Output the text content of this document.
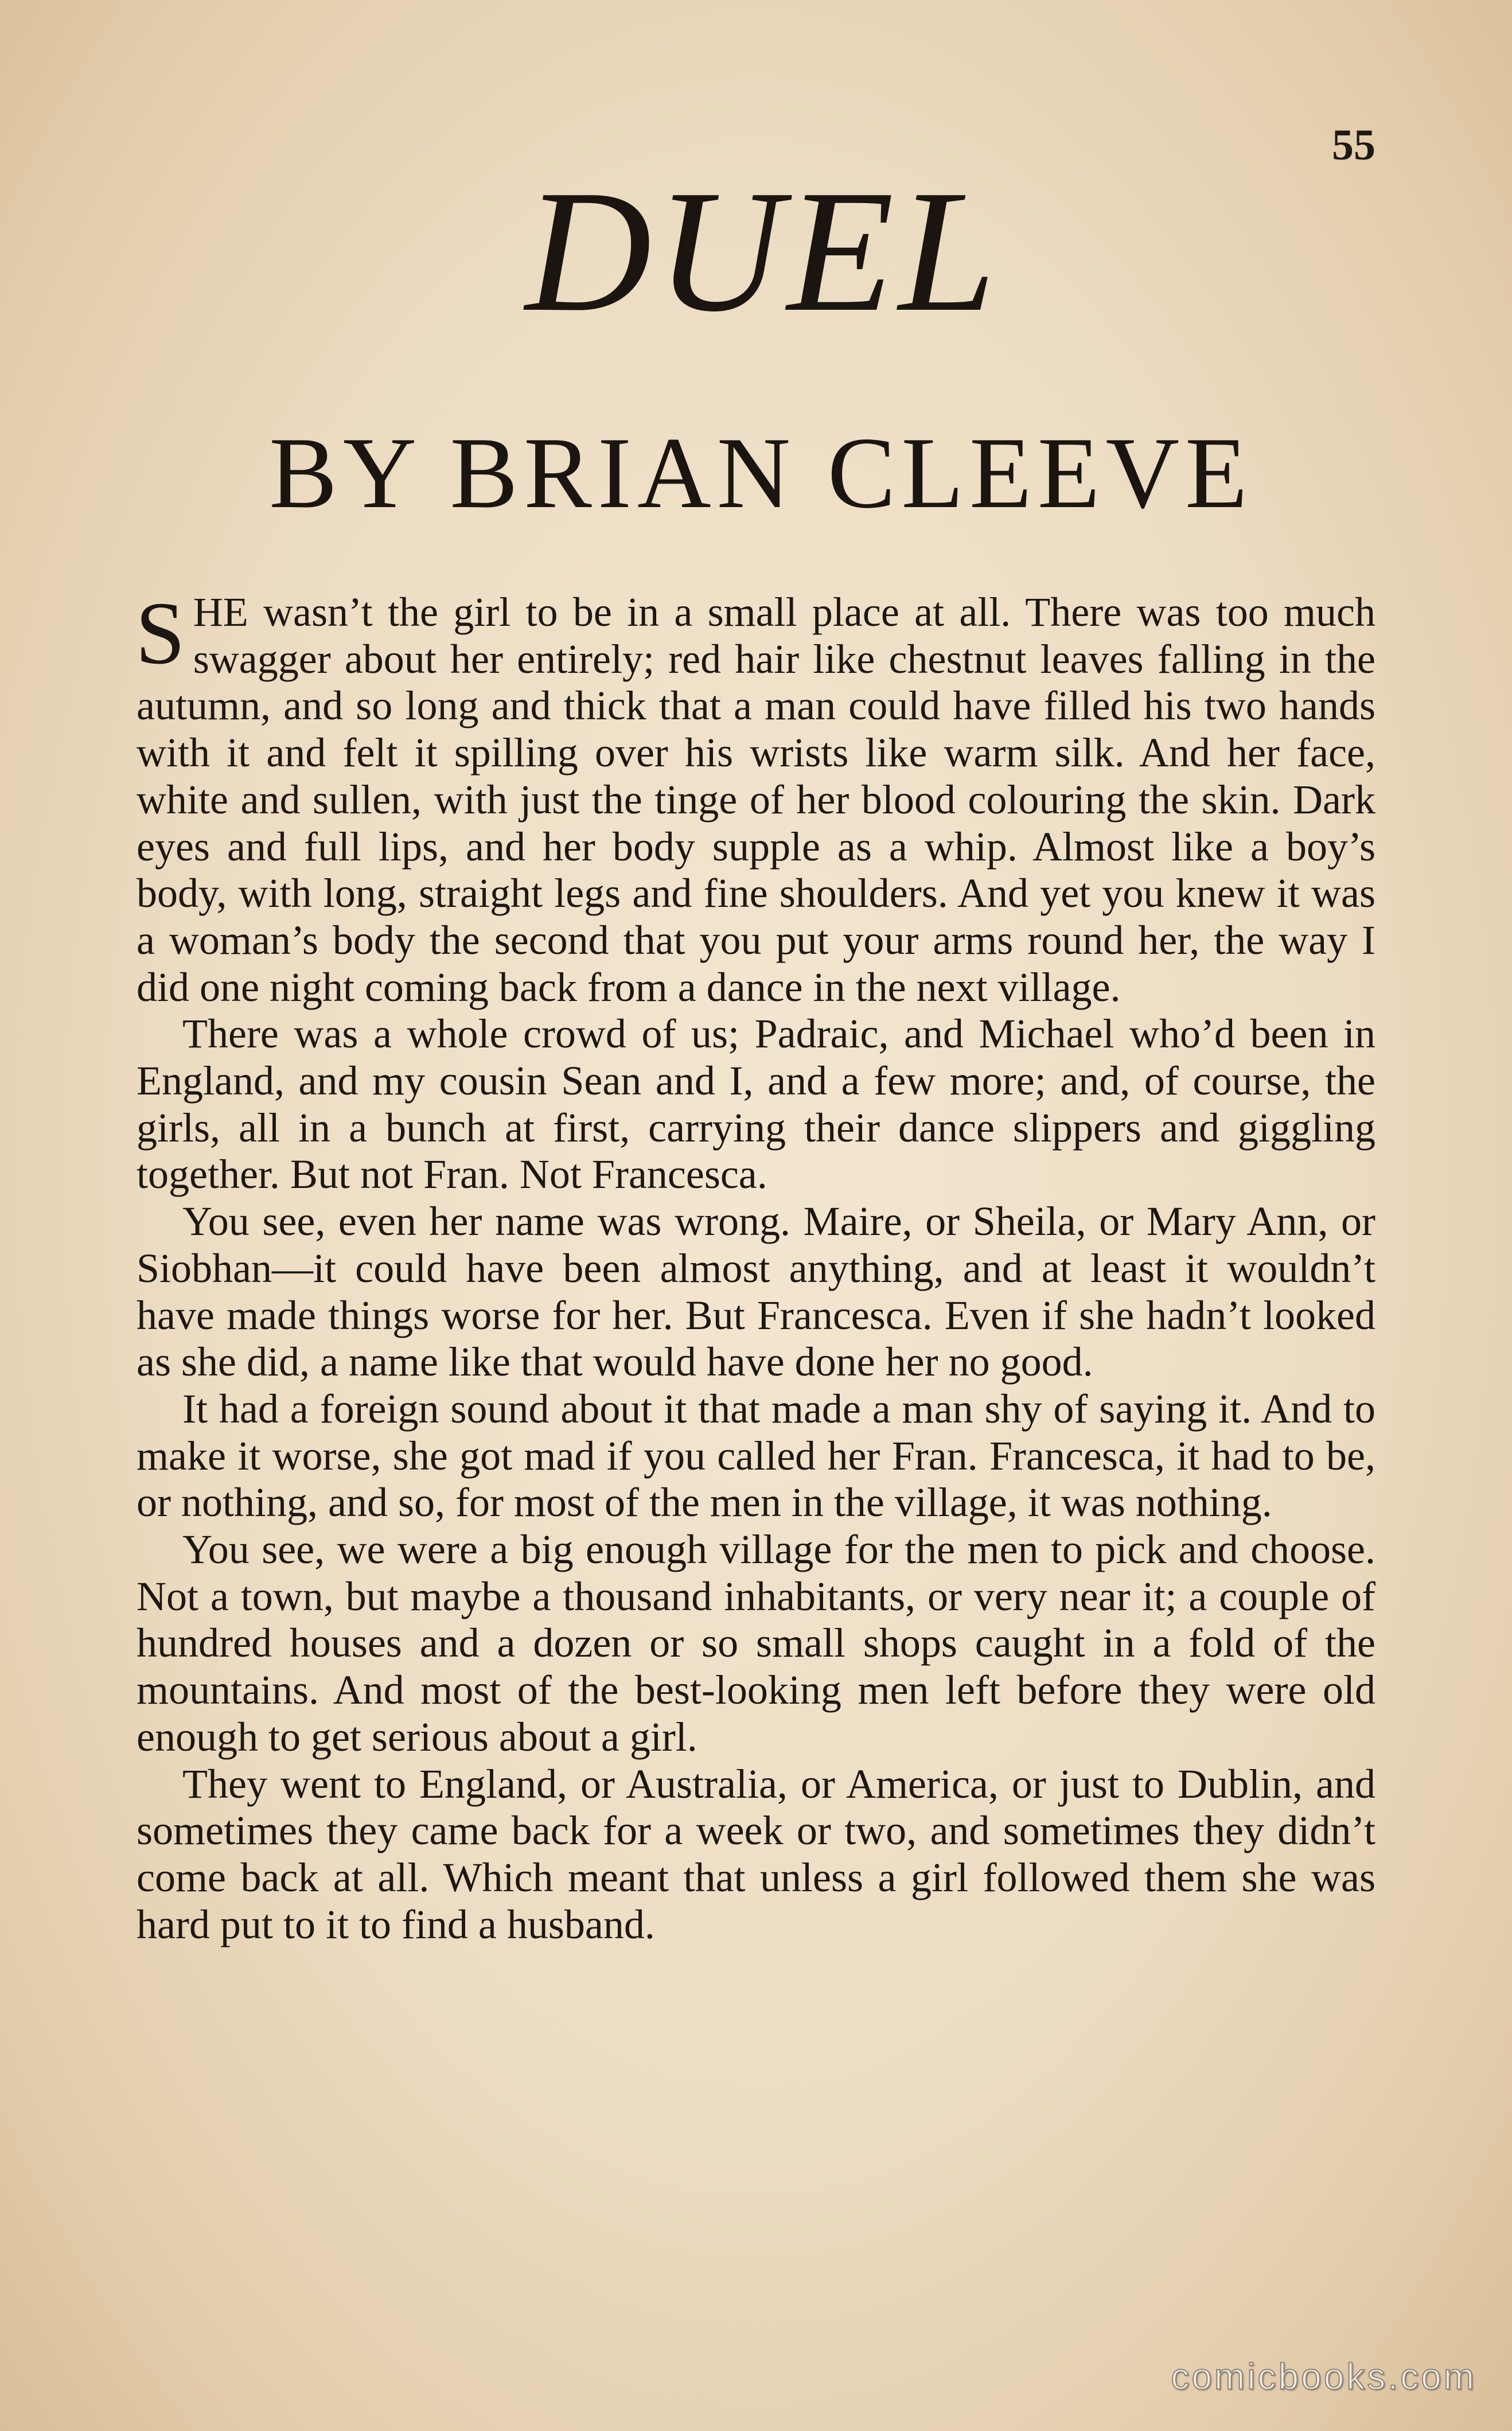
55
DUEL
BY BRIAN CLEEVE

SHE wasn’t the girl to be in a small place at all. There was too much swagger about her entirely; red hair like chestnut leaves falling in the autumn, and so long and thick that a man could have filled his two hands with it and felt it spilling over his wrists like warm silk. And her face, white and sullen, with just the tinge of her blood colouring the skin. Dark eyes and full lips, and her body supple as a whip. Almost like a boy’s body, with long, straight legs and fine shoulders. And yet you knew it was a woman’s body the second that you put your arms round her, the way I did one night coming back from a dance in the next village.

There was a whole crowd of us; Padraic, and Michael who’d been in England, and my cousin Sean and I, and a few more; and, of course, the girls, all in a bunch at first, carrying their dance slippers and giggling together. But not Fran. Not Francesca.

You see, even her name was wrong. Maire, or Sheila, or Mary Ann, or Siobhan—it could have been almost anything, and at least it wouldn’t have made things worse for her. But Francesca. Even if she hadn’t looked as she did, a name like that would have done her no good.

It had a foreign sound about it that made a man shy of saying it. And to make it worse, she got mad if you called her Fran. Francesca, it had to be, or nothing, and so, for most of the men in the village, it was nothing.

You see, we were a big enough village for the men to pick and choose. Not a town, but maybe a thousand inhabitants, or very near it; a couple of hundred houses and a dozen or so small shops caught in a fold of the mountains. And most of the best-looking men left before they were old enough to get serious about a girl.

They went to England, or Australia, or America, or just to Dublin, and sometimes they came back for a week or two, and sometimes they didn’t come back at all. Which meant that unless a girl followed them she was hard put to it to find a husband.

comicbooks.com
